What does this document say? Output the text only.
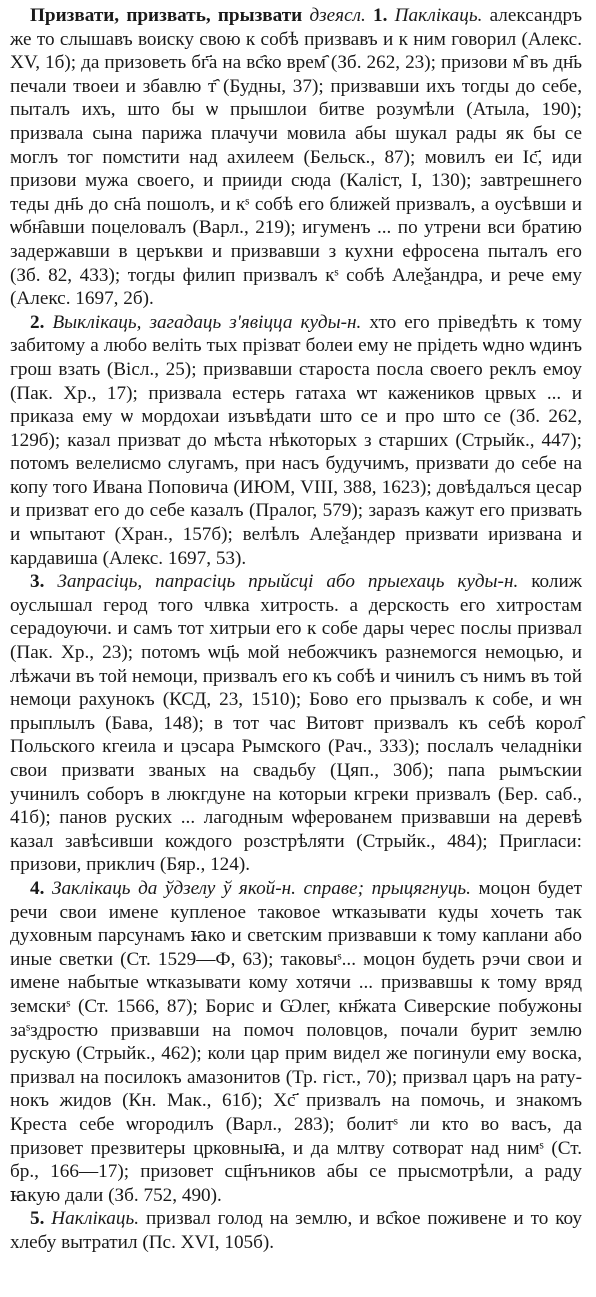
Призвати, призвать, прызвати дзеясл. 1. Паклікаць. александръ же то слышавъ воиску свою к собѣ призвавъ и к ним говорил (Алекс. XV, 1б); да призоветь бг҃а на вс҄ко врем҄ (Зб. 262, 23); призови м҄ въ дн҃ь печали твоеи и збавлю т҄ (Будны, 37); призвавши ихъ тогды до себе, пыталъ ихъ, што бы ѡ прышлои битве розумѣли (Атыла, 190); призвала сына парижа плачучи мовила абы шукал рады як бы се моглъ тог помстити над ахилеем (Бельск., 87); мовилъ еи Іс҃, иди призови мужа своего, и прииди сюда (Каліст, І, 130); завтрешнего теды дн҃ь до сн҃а пошолъ, и кˢ собѣ его ближей призвалъ, а оусѣвши и ѡбн҄авши поцеловалъ (Варл., 219); игуменъ ... по утрени вси братию задержавши в церъкви и призвавши з кухни ефросена пыталъ его (Зб. 82, 433); тогды филип призвалъ кˢ собѣ Алеѯандра, и рече ему (Алекс. 1697, 2б).

2. Выклікаць, загадаць з'явіцца куды-н. хто его прiведѣть к тому забитому а любо велiть тых прiзват болеи ему не прiдеть ѡдно ѡдинъ грош взать (Вісл., 25); призвавши староста посла своего реклъ емоу (Пак. Хр., 17); призвала естерь гатаха ѡт кажеников црвых ... и приказа ему ѡ мордохаи изъвѣдати што се и про што се (Зб. 262, 129б); казал призват до мѣста нѣкоторых з старших (Стрыйк., 447); потомъ велелисмо слугамъ, при насъ будучимъ, призвати до себе на копу того Ивана Поповича (ИЮМ, VIII, 388, 1623); довѣдалъся цесар и призват его до себе казалъ (Пралог, 579); заразъ кажут его призвать и ѡпытают (Хран., 157б); велѣлъ Алеѯандер призвати иризвана и кардавиша (Алекс. 1697, 53).

3. Запрасіць, папрасіць прыйсці або прыехаць куды-н. колиж оуслышал герод того члвка хитрость. а дерскость его хитростам серадоуючи. и самъ тот хитрыи его к собе дары черес послы призвал (Пак. Хр., 23); потомъ ѡц҃ь мой небожчикъ разнемогся немоцью, и лѣжачи въ той немоци, призвалъ его къ собѣ и чинилъ съ нимъ въ той немоци рахунокъ (КСД, 23, 1510); Бово его прызвалъ к собе, и ѡн прыплылъ (Бава, 148); в тот час Витовт призвалъ къ себѣ корол҄ Польского кгеила и цэсара Рымского (Рач., 333); послалъ челадніки свои призвати званых на свадьбу (Цяп., 30б); папа рымъскии учинилъ соборъ в люкгдуне на которыи кгреки призвалъ (Бер. саб., 41б); панов руских ... лагодным ѡферованем призвавши на деревѣ казал завѣсивши кождого розстрѣляти (Стрыйк., 484); Пригласи: призови, приклич (Бяр., 124).

4. Заклікаць да ўдзелу ў якой-н. справе; прыцягнуць. моцон будет речи свои имене купленое таковое ѡтказывати куды хочеть так духовным парсунамъ ꙗко и светским призвавши к тому каплани або иные светки (Ст. 1529—Ф, 63); таковыˢ... моцон будеть рэчи свои и имене набытые ѡтказывати кому хотячи ... призвавшы к тому вряд земскиˢ (Ст. 1566, 87); Борис и Ѡлег, кн҃жата Сиверские побужоны заˢздростю призвавши на помоч половцов, почали бурит землю рускую (Стрыйк., 462); коли цар прим видел же погинули ему воска, призвал на посилокъ амазонитов (Тр. гіст., 70); призвал царъ на ратунокъ жидов (Кн. Мак., 61б); Хс҃ призвалъ на помочь, и знакомъ Креста себе ѡгородилъ (Варл., 283); болитˢ ли кто во васъ, да призовет презвитеры црковныꙗ, и да млтву сотворат над нимˢ (Ст. бр., 166—17); призовет сщ҃нъников абы се прысмотрѣли, а раду ꙗкую дали (Зб. 752, 490).

5. Наклікаць. призвал голод на землю, и вс҄кое поживене и то коу хлебу вытратил (Пс. XVI, 105б).
